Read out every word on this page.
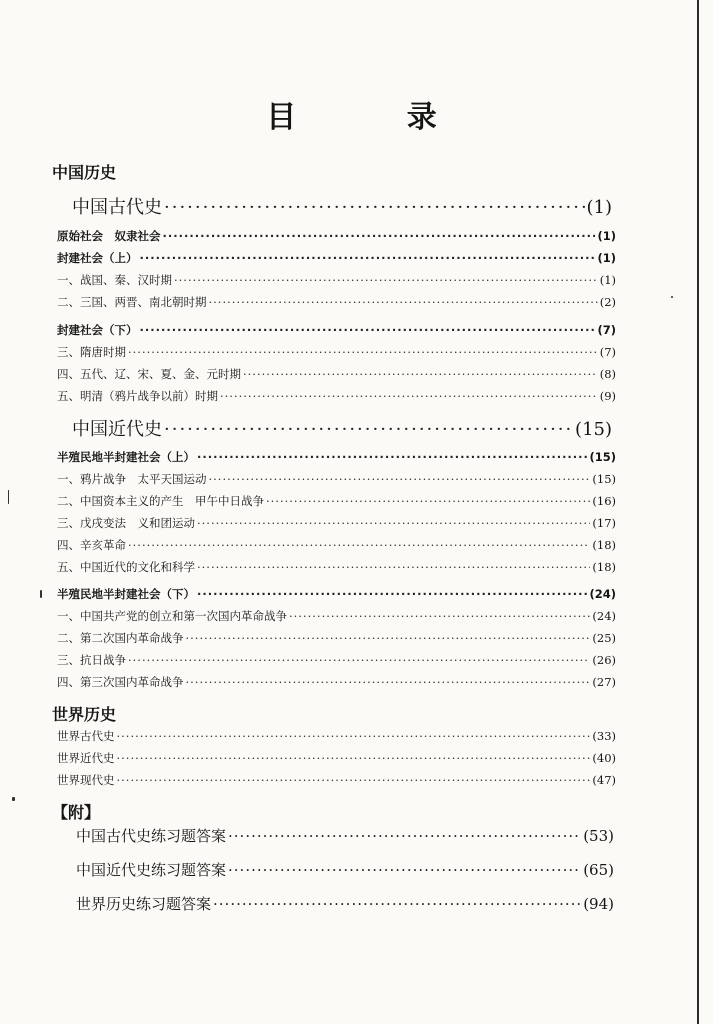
目 录
中国历史
世界历史
【附】
中国古代史 ·····	(1)
原始社会　奴隶社会 ·····	(1)
封建社会（上） ·····	(1)
一、战国、秦、汉时期 ·····	(1)
二、三国、两晋、南北朝时期 ·····	(2)
封建社会（下） ·····	(7)
三、隋唐时期 ·····	(7)
四、五代、辽、宋、夏、金、元时期 ·····	(8)
五、明清（鸦片战争以前）时期 ·····	(9)
中国近代史 ·····	(15)
半殖民地半封建社会（上） ·····	(15)
一、鸦片战争　太平天国运动 ·····	(15)
二、中国资本主义的产生　甲午中日战争 ·····	(16)
三、戊戌变法　义和团运动 ·····	(17)
四、辛亥革命 ·····	(18)
五、中国近代的文化和科学 ·····	(18)
半殖民地半封建社会（下） ·····	(24)
一、中国共产党的创立和第一次国内革命战争 ·····	(24)
二、第二次国内革命战争 ·····	(25)
三、抗日战争 ·····	(26)
四、第三次国内革命战争 ·····	(27)
世界古代史 ·····	(33)
世界近代史 ·····	(40)
世界现代史 ·····	(47)
中国古代史练习题答案 ·····	(53)
中国近代史练习题答案 ·····	(65)
世界历史练习题答案 ·····	(94)
